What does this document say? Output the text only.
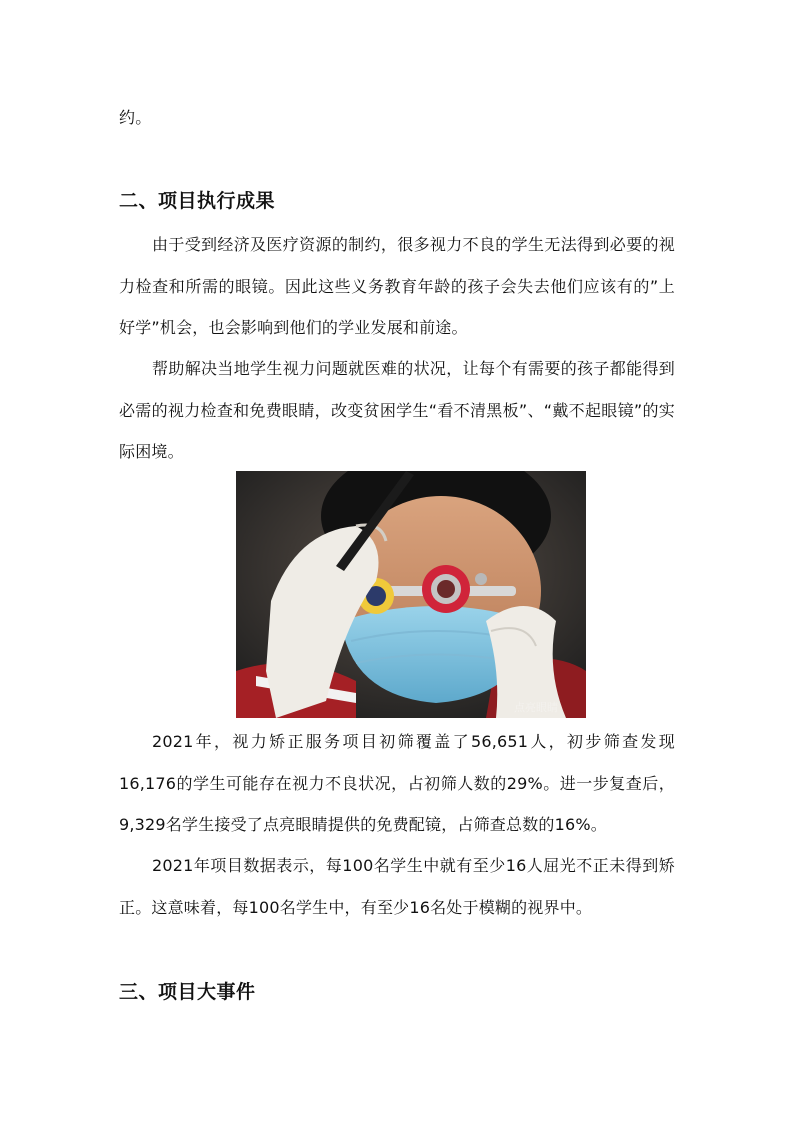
约。

二、项目执行成果

由于受到经济及医疗资源的制约，很多视力不良的学生无法得到必要的视力检查和所需的眼镜。因此这些义务教育年龄的孩子会失去他们应该有的”上好学”机会，也会影响到他们的学业发展和前途。

帮助解决当地学生视力问题就医难的状况，让每个有需要的孩子都能得到必需的视力检查和免费眼睛，改变贫困学生“看不清黑板”、“戴不起眼镜”的实际困境。

点亮眼睛

2021年，视力矫正服务项目初筛覆盖了56,651人，初步筛查发现16,176的学生可能存在视力不良状况，占初筛人数的29%。进一步复查后，9,329名学生接受了点亮眼睛提供的免费配镜，占筛查总数的16%。

2021年项目数据表示，每100名学生中就有至少16人屈光不正未得到矫正。这意味着，每100名学生中，有至少16名处于模糊的视界中。

三、项目大事件
